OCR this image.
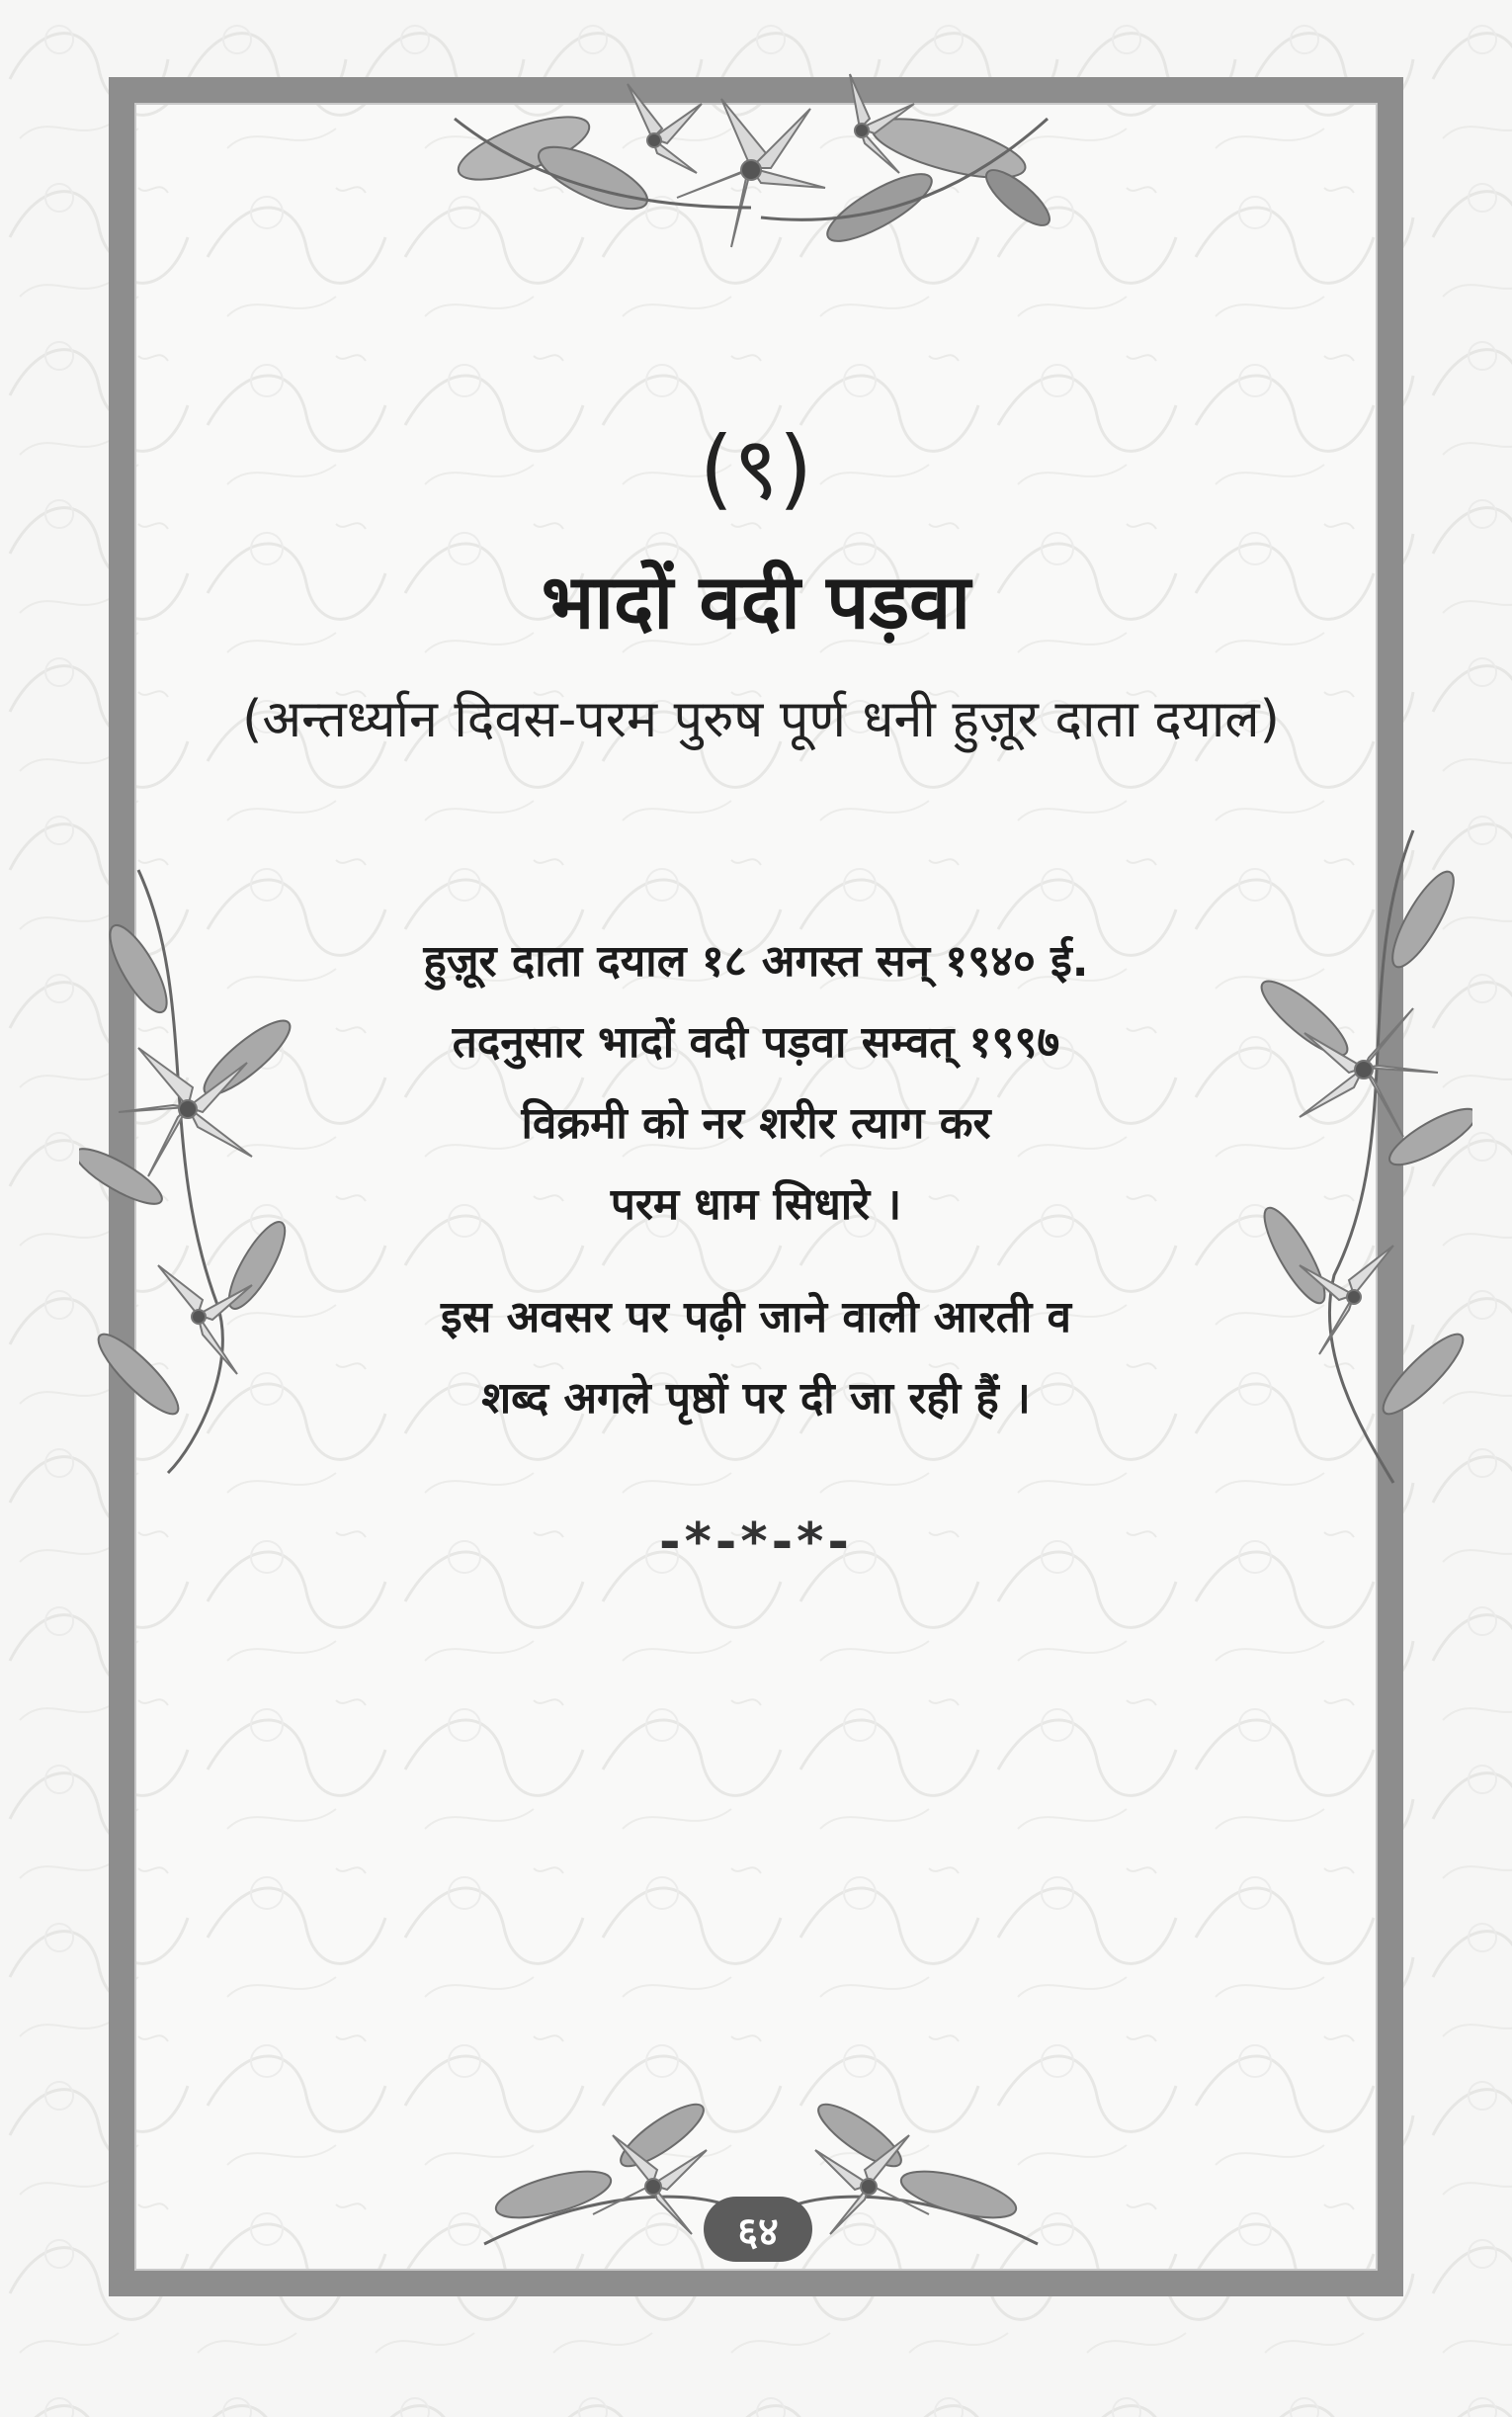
(९)
भादों वदी पड़वा
(अन्तर्ध्यान दिवस-परम पुरुष पूर्ण धनी हुज़ूर दाता दयाल)
हुज़ूर दाता दयाल १८ अगस्त सन् १९४० ई.
तदनुसार भादों वदी पड़वा सम्वत् १९९७
विक्रमी को नर शरीर त्याग कर
परम धाम सिधारे ।
इस अवसर पर पढ़ी जाने वाली आरती व
शब्द अगले पृष्ठों पर दी जा रही हैं ।
-*-*-*-
६४
